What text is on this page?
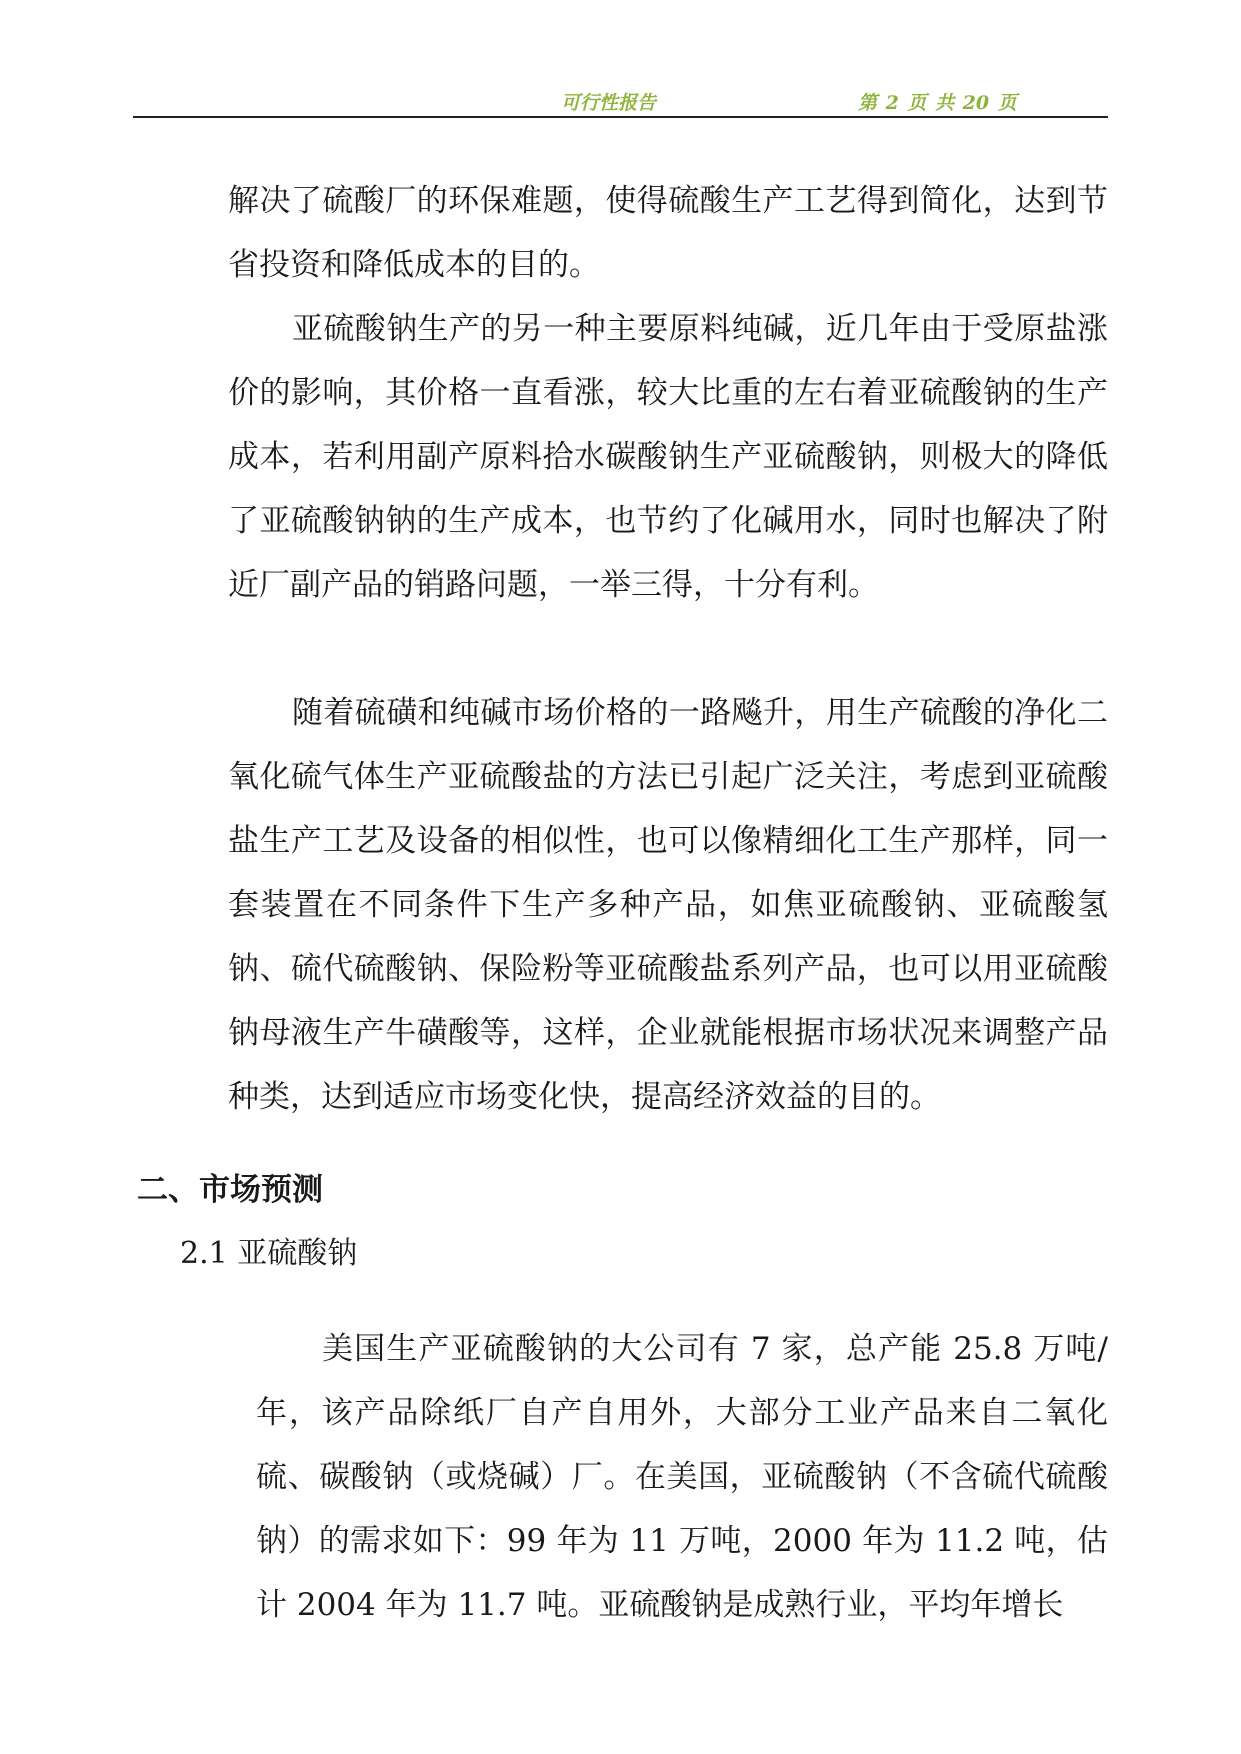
可行性报告	第 2 页 共 20 页

解决了硫酸厂的环保难题，使得硫酸生产工艺得到简化，达到节省投资和降低成本的目的。

亚硫酸钠生产的另一种主要原料纯碱，近几年由于受原盐涨价的影响，其价格一直看涨，较大比重的左右着亚硫酸钠的生产成本，若利用副产原料拾水碳酸钠生产亚硫酸钠，则极大的降低了亚硫酸钠钠的生产成本，也节约了化碱用水，同时也解决了附近厂副产品的销路问题，一举三得，十分有利。

随着硫磺和纯碱市场价格的一路飚升，用生产硫酸的净化二氧化硫气体生产亚硫酸盐的方法已引起广泛关注，考虑到亚硫酸盐生产工艺及设备的相似性，也可以像精细化工生产那样，同一套装置在不同条件下生产多种产品，如焦亚硫酸钠、亚硫酸氢钠、硫代硫酸钠、保险粉等亚硫酸盐系列产品，也可以用亚硫酸钠母液生产牛磺酸等，这样，企业就能根据市场状况来调整产品种类，达到适应市场变化快，提高经济效益的目的。

二、市场预测
2.1 亚硫酸钠

美国生产亚硫酸钠的大公司有 7 家，总产能 25.8 万吨/年，该产品除纸厂自产自用外，大部分工业产品来自二氧化硫、碳酸钠（或烧碱）厂。在美国，亚硫酸钠（不含硫代硫酸钠）的需求如下：99 年为 11 万吨，2000 年为 11.2 吨，估计 2004 年为 11.7 吨。亚硫酸钠是成熟行业，平均年增长
